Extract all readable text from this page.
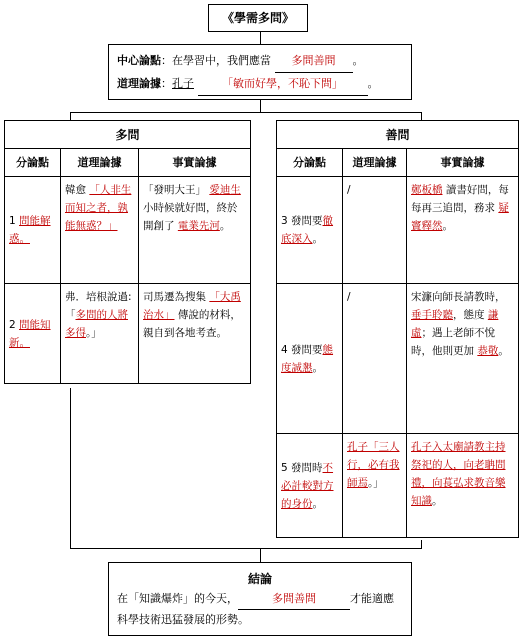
《學需多問》
中心論點：在學習中，我們應當 多問善問 。
道理論據：孔子	「敏而好學，不恥下問」 。
多問		
分論點	道理論據	事實論據
1 問能解惑。	韓愈 「人非生而知之者，孰能無惑？」	「發明大王」 愛迪生 小時候就好問，終於開創了 電業先河。
2 問能知新。	弗．培根說過:「多問的人將多得。」	司馬遷為搜集 「大禹治水」 傳說的材料，親自到各地考查。
善問		
分論點	道理論據	事實論據
3 發問要徹底深入。	/	鄭板橋 讀書好問，每每再三追問，務求 疑竇釋然。
4 發問要態度誠懇。	/	宋濂向師長請教時， 垂手聆聽，態度 謙虛；遇上老師不悅時，他則更加 恭敬。
5 發問時不必計較對方的身份。	孔子「三人行，必有我師焉。」	孔子入太廟請教主持祭祀的人，向老聃問禮，向萇弘求教音樂知識。
結論
在「知識爆炸」的今天，	多問善問	才能適應科學技術迅猛發展的形勢。
